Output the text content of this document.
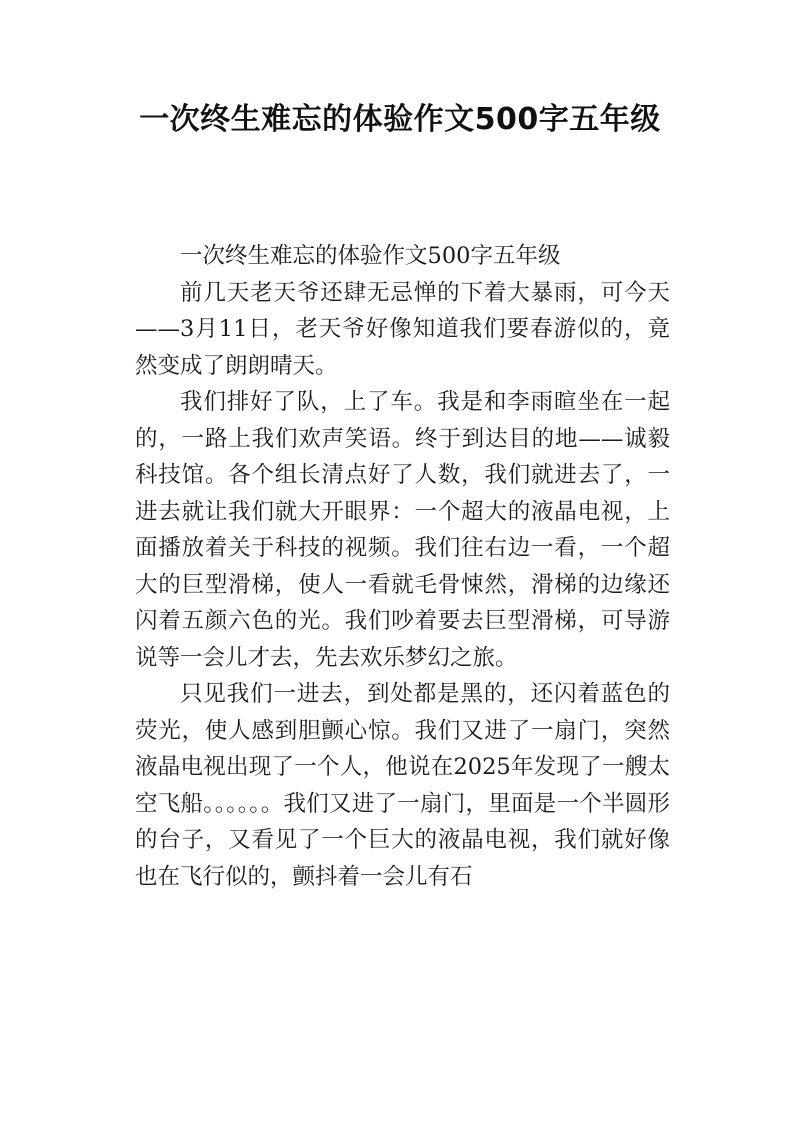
一次终生难忘的体验作文500字五年级

一次终生难忘的体验作文500字五年级

前几天老天爷还肆无忌惮的下着大暴雨，可今天——3月11日，老天爷好像知道我们要春游似的，竟然变成了朗朗晴天。

我们排好了队，上了车。我是和李雨暄坐在一起的，一路上我们欢声笑语。终于到达目的地——诚毅科技馆。各个组长清点好了人数，我们就进去了，一进去就让我们就大开眼界：一个超大的液晶电视，上面播放着关于科技的视频。我们往右边一看，一个超大的巨型滑梯，使人一看就毛骨悚然，滑梯的边缘还闪着五颜六色的光。我们吵着要去巨型滑梯，可导游说等一会儿才去，先去欢乐梦幻之旅。

只见我们一进去，到处都是黑的，还闪着蓝色的荧光，使人感到胆颤心惊。我们又进了一扇门，突然液晶电视出现了一个人，他说在2025年发现了一艘太空飞船。。。。。。我们又进了一扇门，里面是一个半圆形的台子，又看见了一个巨大的液晶电视，我们就好像也在飞行似的，颤抖着一会儿有石
